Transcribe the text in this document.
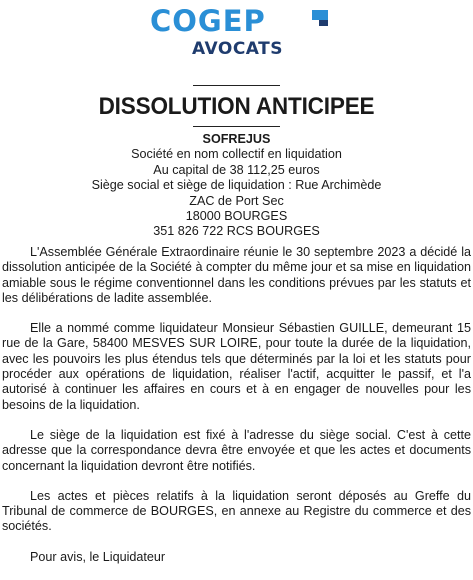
COGEP
AVOCATS
DISSOLUTION ANTICIPEE
SOFREJUS
Société en nom collectif en liquidation
Au capital de 38 112,25 euros
Siège social et siège de liquidation : Rue Archimède
ZAC de Port Sec
18000 BOURGES
351 826 722 RCS BOURGES

L'Assemblée Générale Extraordinaire réunie le 30 septembre 2023 a décidé la dissolution anticipée de la Société à compter du même jour et sa mise en liquidation amiable sous le régime conventionnel dans les conditions prévues par les statuts et les délibérations de ladite assemblée.

Elle a nommé comme liquidateur Monsieur Sébastien GUILLE, demeurant 15 rue de la Gare, 58400 MESVES SUR LOIRE, pour toute la durée de la liquidation, avec les pouvoirs les plus étendus tels que déterminés par la loi et les statuts pour procéder aux opérations de liquidation, réaliser l'actif, acquitter le passif, et l'a autorisé à continuer les affaires en cours et à en engager de nouvelles pour les besoins de la liquidation.

Le siège de la liquidation est fixé à l'adresse du siège social. C'est à cette adresse que la correspondance devra être envoyée et que les actes et documents concernant la liquidation devront être notifiés.

Les actes et pièces relatifs à la liquidation seront déposés au Greffe du Tribunal de commerce de BOURGES, en annexe au Registre du commerce et des sociétés.

Pour avis, le Liquidateur
